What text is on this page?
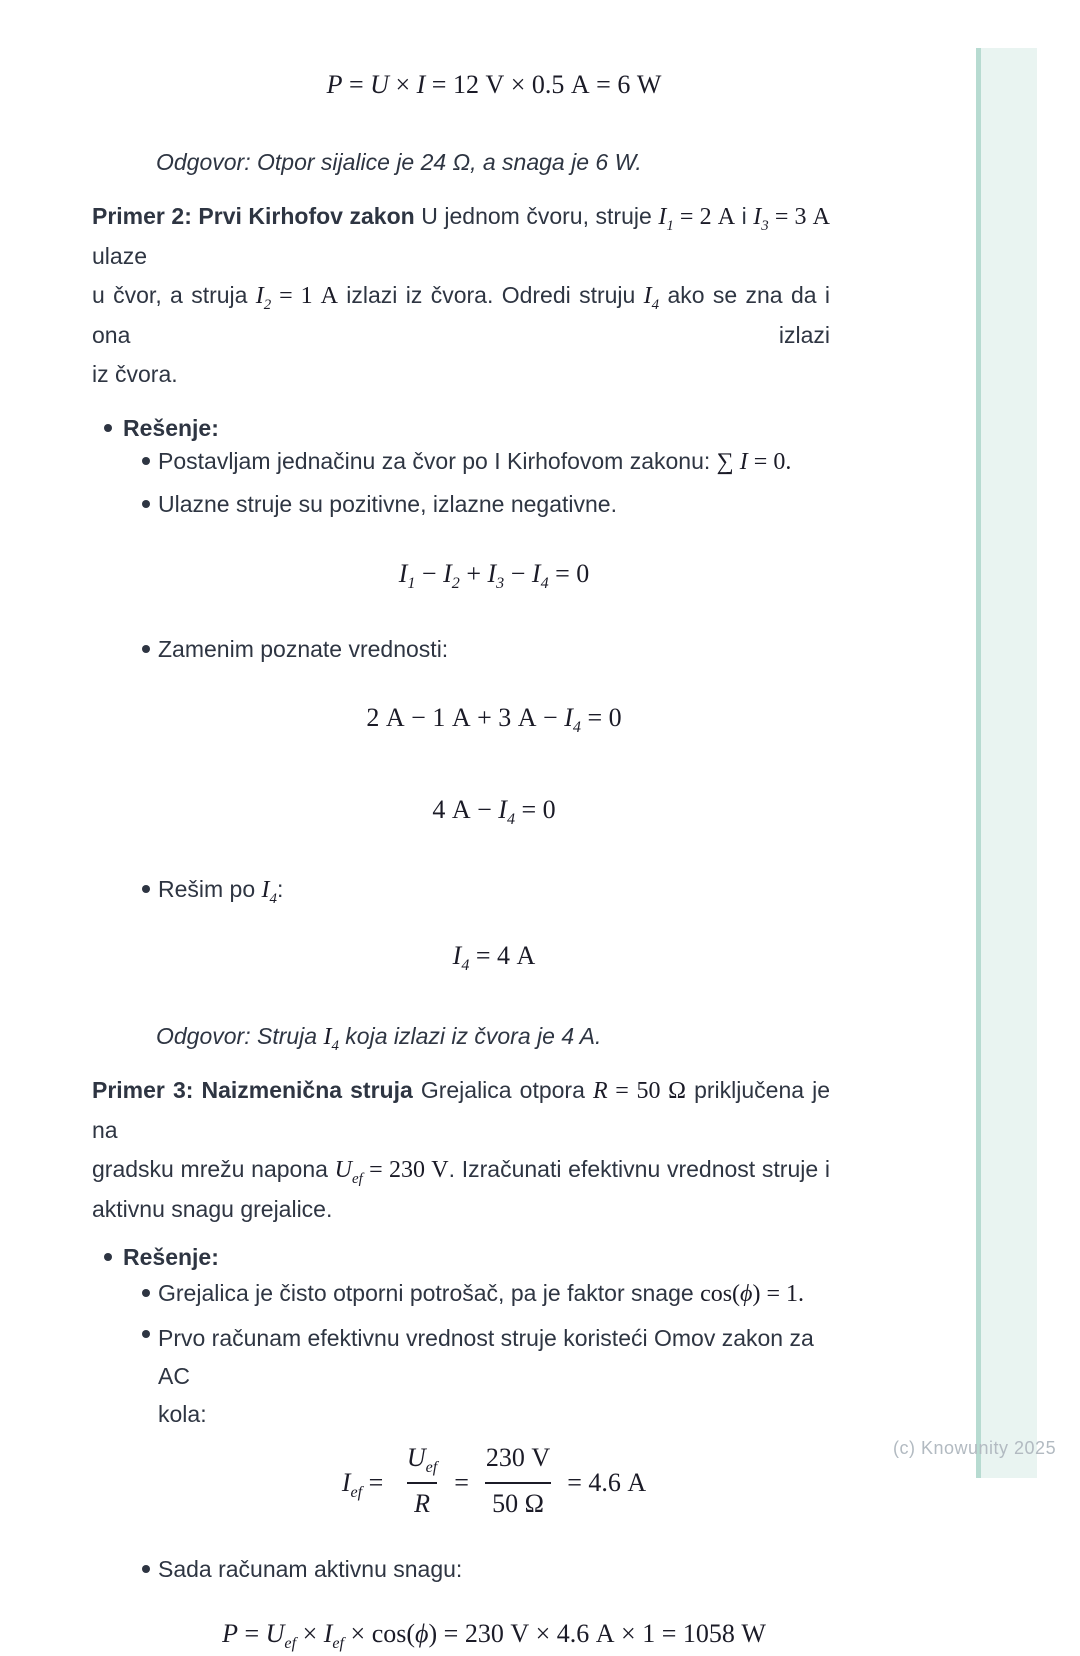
P = U × I = 12 V × 0.5 A = 6 W
Odgovor: Otpor sijalice je 24 Ω, a snaga je 6 W.
Primer 2: Prvi Kirhofov zakon U jednom čvoru, struje $I_1 = 2$ A i $I_3 = 3$ A ulaze
u čvor, a struja $I_2 = 1$ A izlazi iz čvora. Odredi struju $I_4$ ako se zna da i ona izlazi
iz čvora.
Rešenje:
Postavljam jednačinu za čvor po I Kirhofovom zakonu: ∑ I = 0.
Ulazne struje su pozitivne, izlazne negativne.
$I_1 - I_2 + I_3 - I_4 = 0$
Zamenim poznate vrednosti:
2 A − 1 A + 3 $A - I_4 = 0$
4 $A - I_4 = 0$
Rešim po $I_4$:
$I_4 = 4$ A
Odgovor: Struja $I_4$ koja izlazi iz čvora je 4 A.
Primer 3: Naizmenična struja Grejalica otpora R = 50 Ω priključena je na
gradsku mrežu napona $U_{ef} = 230$ V. Izračunati efektivnu vrednost struje i
aktivnu snagu grejalice.
Rešenje:
Grejalica je čisto otporni potrošač, pa je faktor snage cos(ϕ) = 1.
Prvo računam efektivnu vrednost struje koristeći Omov zakon za AC
kola:
$I_{ef} = \frac{U_{ef}}{R} = \frac{230 V}{50 \Omega} = 4.6$ A
Sada računam aktivnu snagu:
$P = U_{ef} \times I_{ef} \times \cos(\phi) = 230$ V × 4.6 A × 1 = 1058 W
(c) Knowunity 2025
